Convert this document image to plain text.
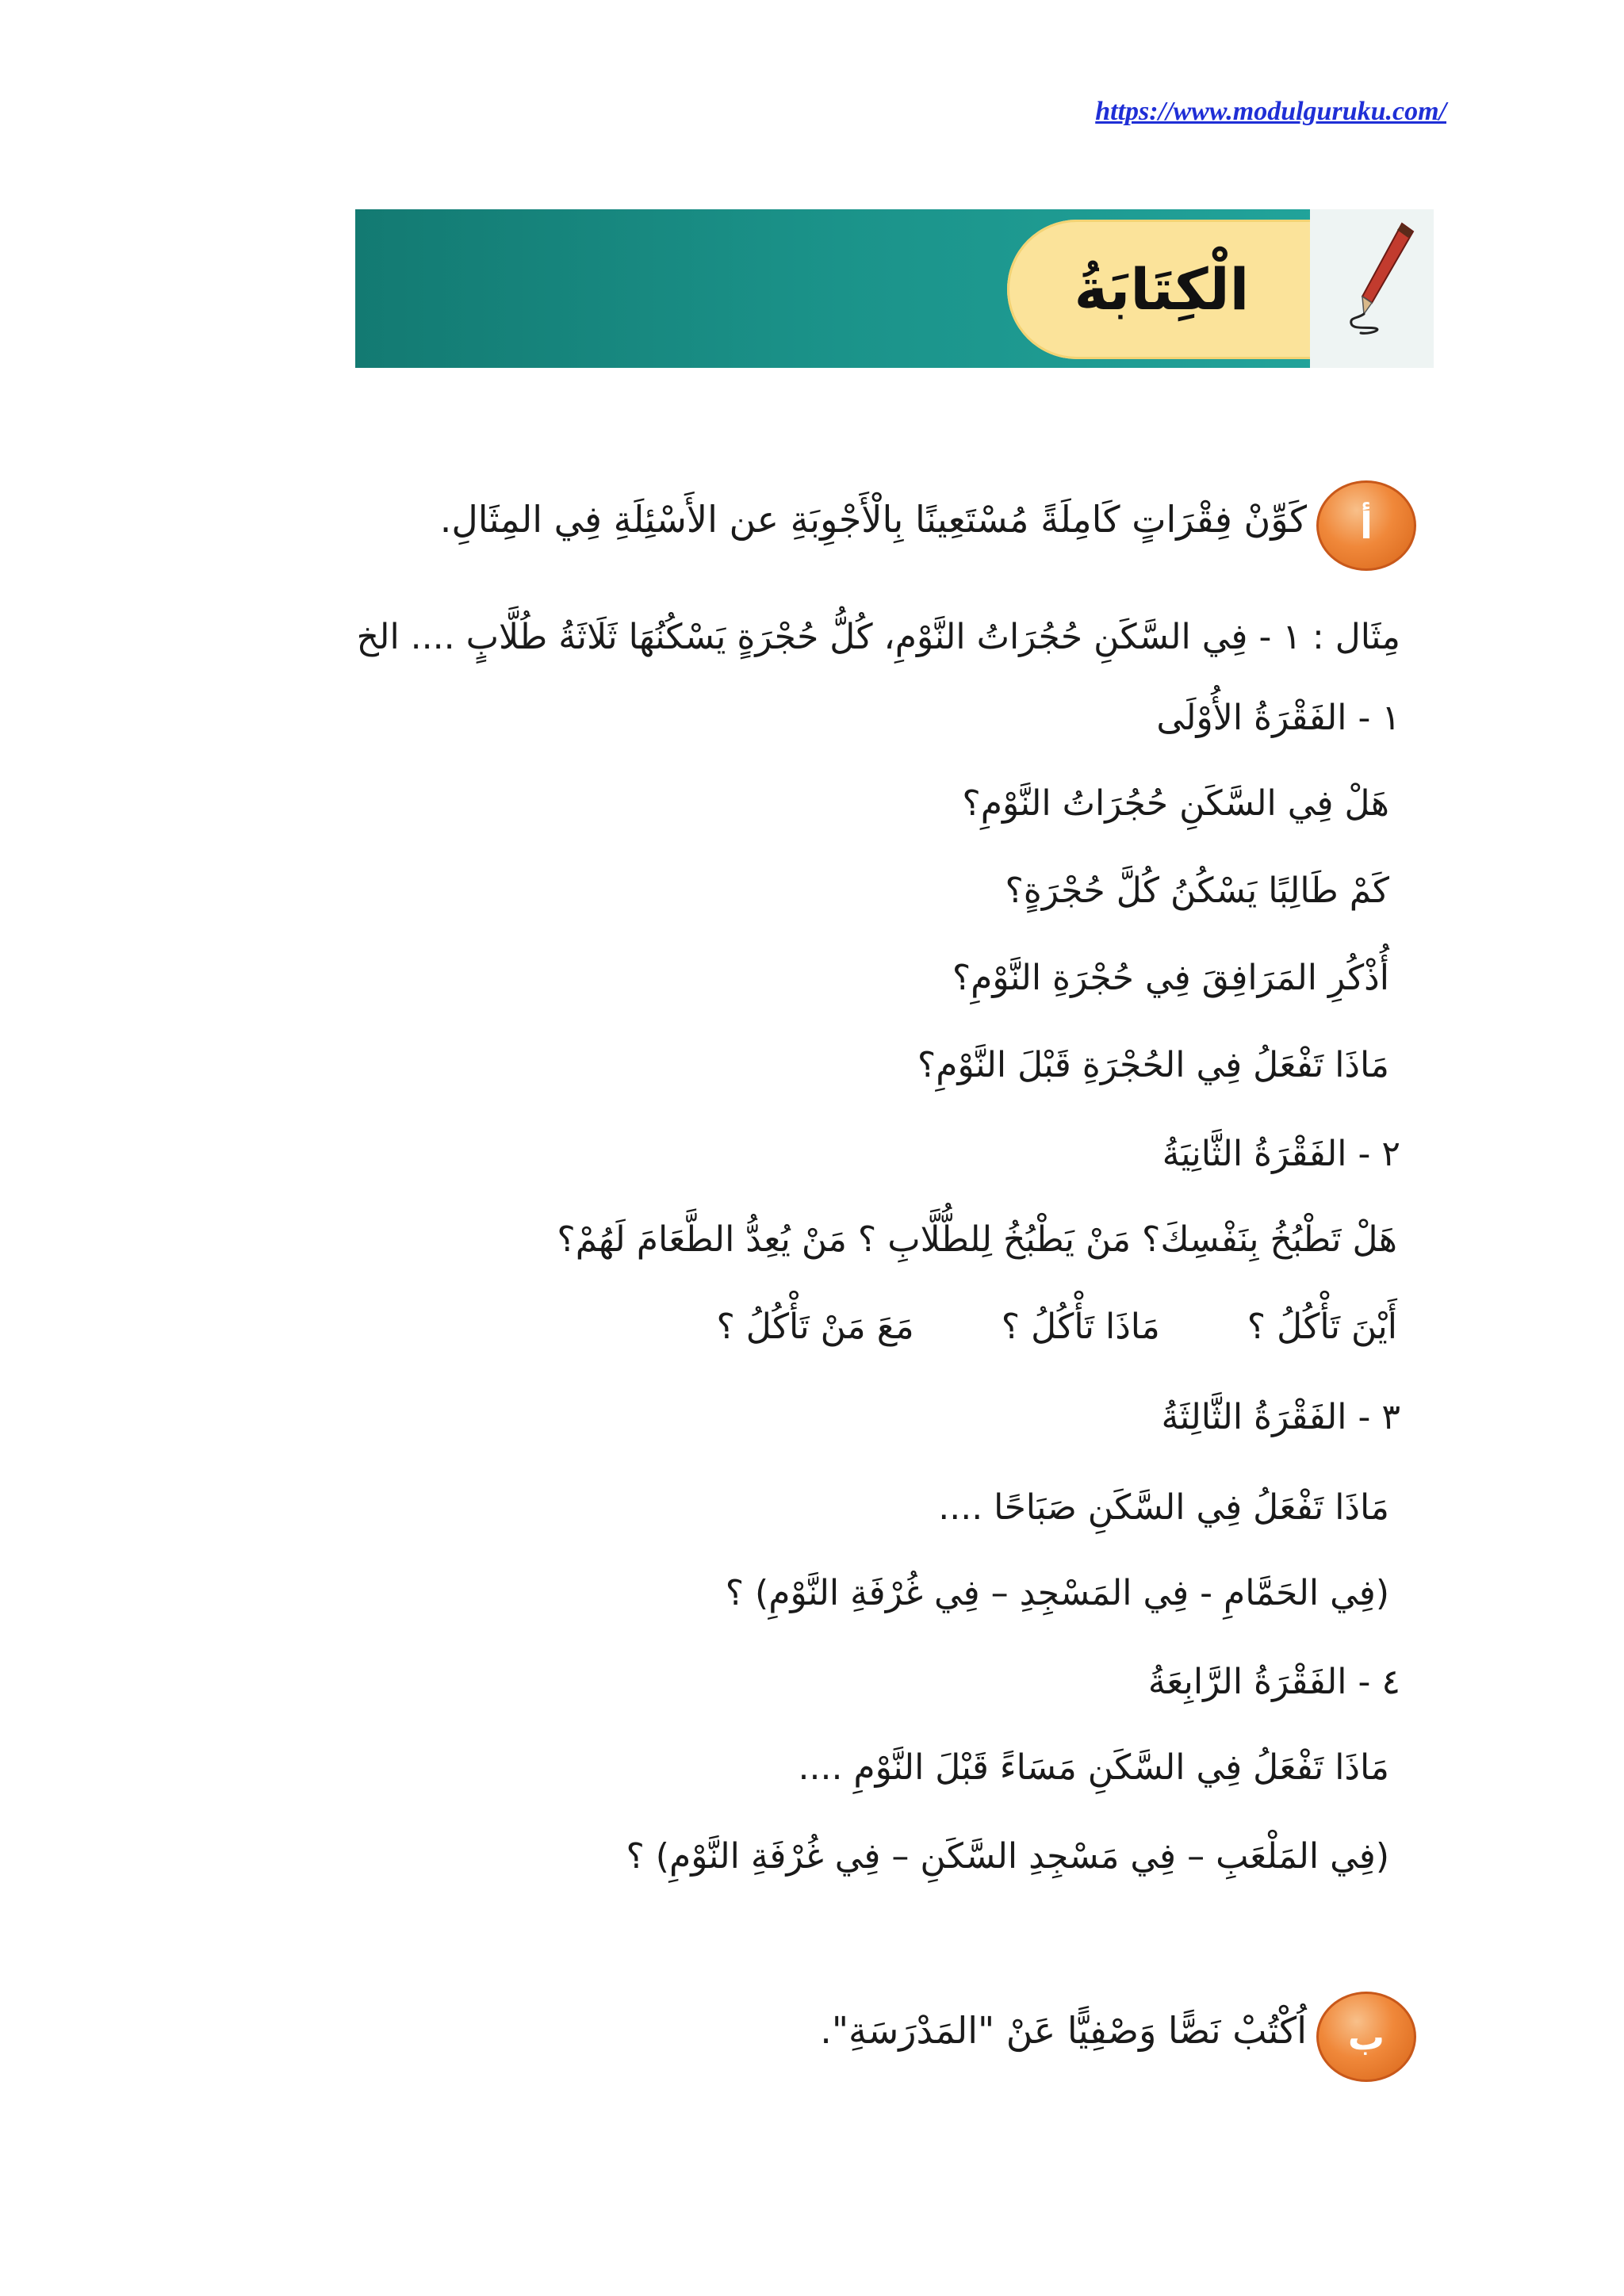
https://www.modulguruku.com/
الْكِتَابَةُ
أ
كَوِّنْ فِقْرَاتٍ كَامِلَةً مُسْتَعِينًا بِالْأَجْوِبَةِ عن الأَسْئِلَةِ فِي المِثَالِ.
مِثَال : ١ - فِي السَّكَنِ حُجُرَاتُ النَّوْمِ، كُلُّ حُجْرَةٍ يَسْكُنُهَا ثَلَاثَةُ طُلَّابٍ .... الخ
١ - الفَقْرَةُ الأُوْلَى
هَلْ فِي السَّكَنِ حُجُرَاتُ النَّوْمِ؟
كَمْ طَالِبًا يَسْكُنُ كُلَّ حُجْرَةٍ؟
أُذْكُرِ المَرَافِقَ فِي حُجْرَةِ النَّوْمِ؟
مَاذَا تَفْعَلُ فِي الحُجْرَةِ قَبْلَ النَّوْمِ؟
٢ - الفَقْرَةُ الثَّانِيَةُ
هَلْ تَطْبُخُ بِنَفْسِكَ؟ مَنْ يَطْبُخُ لِلطُّلَّابِ ؟ مَنْ يُعِدُّ الطَّعَامَ لَهُمْ؟
أَيْنَ تَأْكُلُ ؟
مَاذَا تَأْكُلُ ؟
مَعَ مَنْ تَأْكُلُ ؟
٣ - الفَقْرَةُ الثَّالِثَةُ
مَاذَا تَفْعَلُ فِي السَّكَنِ صَبَاحًا ....
(فِي الحَمَّامِ - فِي المَسْجِدِ – فِي غُرْفَةِ النَّوْمِ) ؟
٤ - الفَقْرَةُ الرَّابِعَةُ
مَاذَا تَفْعَلُ فِي السَّكَنِ مَسَاءً قَبْلَ النَّوْمِ ....
(فِي المَلْعَبِ – فِي مَسْجِدِ السَّكَنِ – فِي غُرْفَةِ النَّوْمِ) ؟
ب
اُكْتُبْ نَصًّا وَصْفِيًّا عَنْ "المَدْرَسَةِ".
